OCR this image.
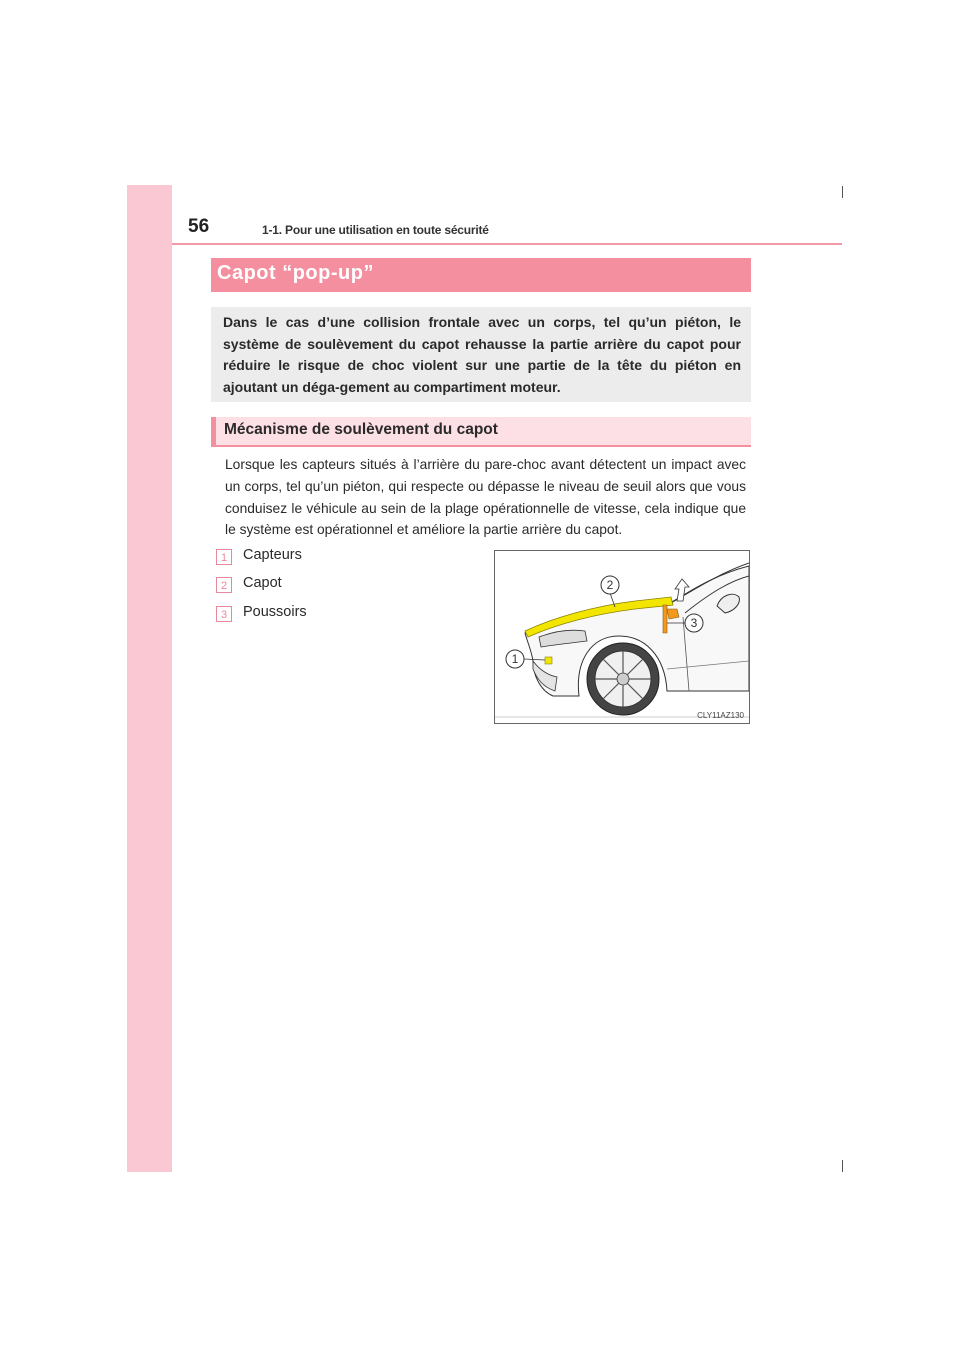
56	1-1. Pour une utilisation en toute sécurité
Capot “pop-up”
Dans le cas d’une collision frontale avec un corps, tel qu’un piéton, le système de soulèvement du capot rehausse la partie arrière du capot pour réduire le risque de choc violent sur une partie de la tête du piéton en ajoutant un déga-gement au compartiment moteur.
Mécanisme de soulèvement du capot
Lorsque les capteurs situés à l’arrière du pare-choc avant détectent un impact avec un corps, tel qu’un piéton, qui respecte ou dépasse le niveau de seuil alors que vous conduisez le véhicule au sein de la plage opérationnelle de vitesse, cela indique que le système est opérationnel et améliore la partie arrière du capot.
1	Capteurs
2	Capot
3	Poussoirs
1
2
3
CLY11AZ130
